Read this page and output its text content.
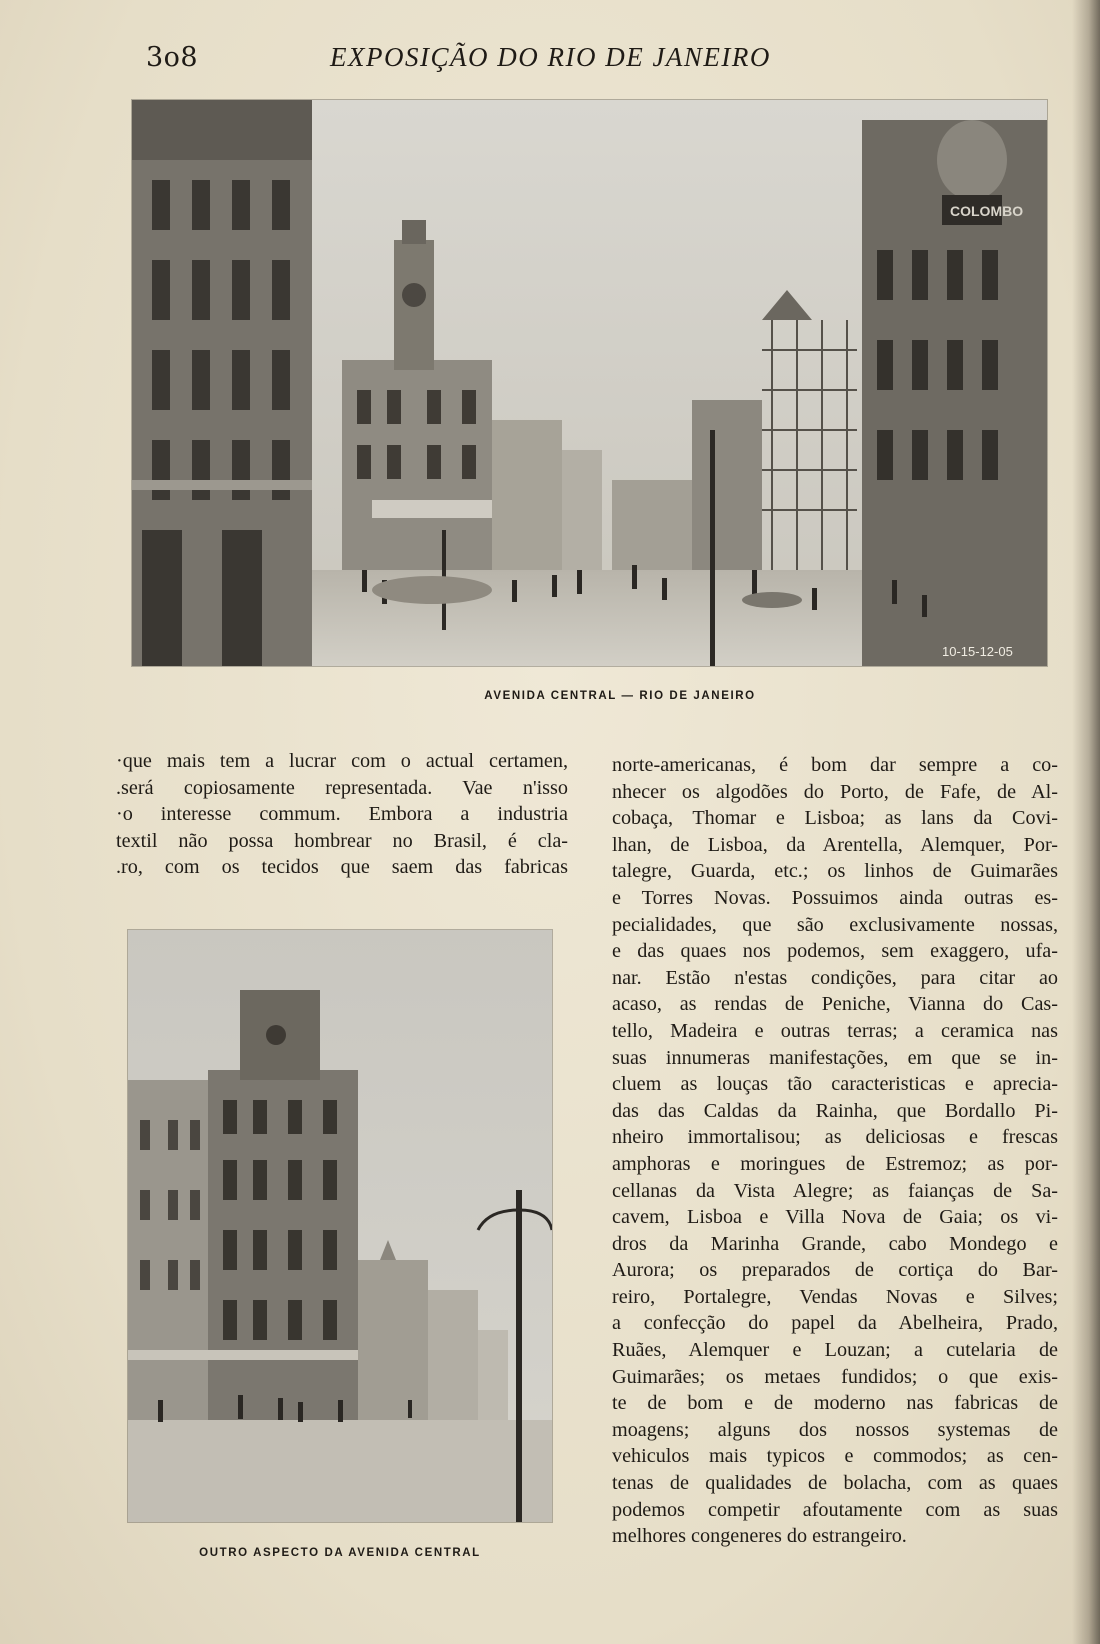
3o8	EXPOSIÇÃO DO RIO DE JANEIRO
COLOMBO
10-15-12-05
AVENIDA CENTRAL — RIO DE JANEIRO
·que mais tem a lucrar com o actual certamen,
.será copiosamente representada. Vae n'isso
·o interesse commum. Embora a industria
textil não possa hombrear no Brasil, é cla-
.ro, com os tecidos que saem das fabricas
OUTRO ASPECTO DA AVENIDA CENTRAL
norte-americanas, é bom dar sempre a co-
nhecer os algodões do Porto, de Fafe, de Al-
cobaça, Thomar e Lisboa; as lans da Covi-
lhan, de Lisboa, da Arentella, Alemquer, Por-
talegre, Guarda, etc.; os linhos de Guimarães
e Torres Novas. Possuimos ainda outras es-
pecialidades, que são exclusivamente nossas,
e das quaes nos podemos, sem exaggero, ufa-
nar. Estão n'estas condições, para citar ao
acaso, as rendas de Peniche, Vianna do Cas-
tello, Madeira e outras terras; a ceramica nas
suas innumeras manifestações, em que se in-
cluem as louças tão caracteristicas e aprecia-
das das Caldas da Rainha, que Bordallo Pi-
nheiro immortalisou; as deliciosas e frescas
amphoras e moringues de Estremoz; as por-
cellanas da Vista Alegre; as faianças de Sa-
cavem, Lisboa e Villa Nova de Gaia; os vi-
dros da Marinha Grande, cabo Mondego e
Aurora; os preparados de cortiça do Bar-
reiro, Portalegre, Vendas Novas e Silves;
a confecção do papel da Abelheira, Prado,
Ruães, Alemquer e Louzan; a cutelaria de
Guimarães; os metaes fundidos; o que exis-
te de bom e de moderno nas fabricas de
moagens; alguns dos nossos systemas de
vehiculos mais typicos e commodos; as cen-
tenas de qualidades de bolacha, com as quaes
podemos competir afoutamente com as suas
melhores congeneres do estrangeiro.
